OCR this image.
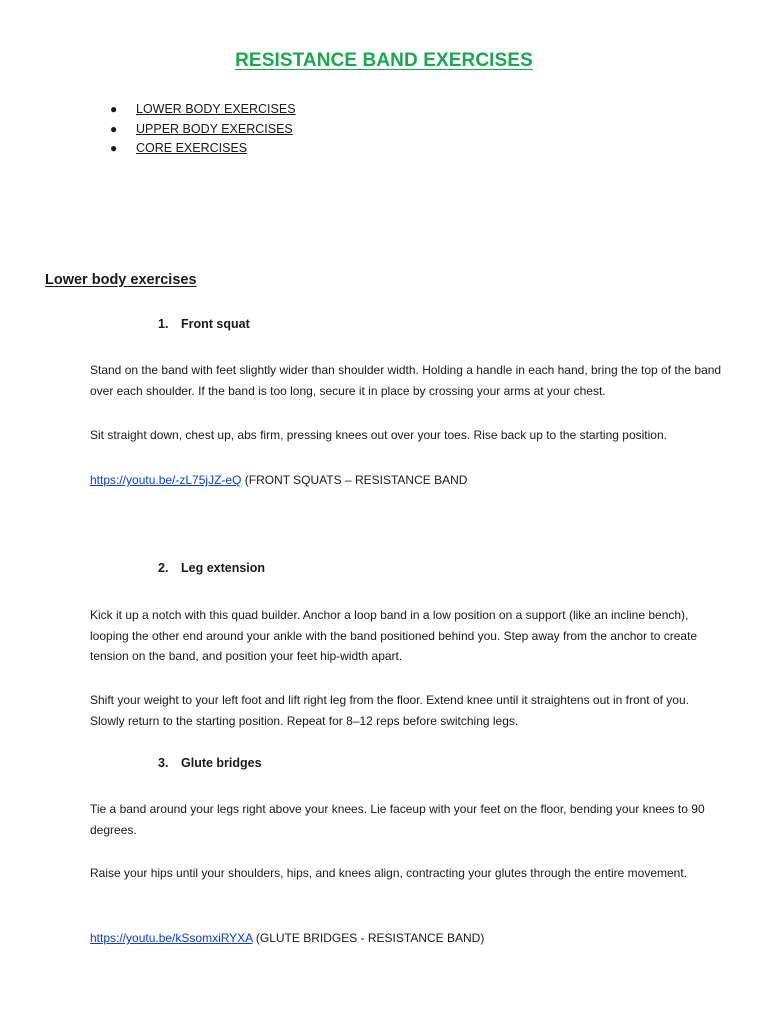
RESISTANCE BAND EXERCISES
● LOWER BODY EXERCISES
● UPPER BODY EXERCISES
● CORE EXERCISES
Lower body exercises
1. Front squat

Stand on the band with feet slightly wider than shoulder width. Holding a handle in each hand, bring the top of the band over each shoulder. If the band is too long, secure it in place by crossing your arms at your chest.

Sit straight down, chest up, abs firm, pressing knees out over your toes. Rise back up to the starting position.

https://youtu.be/-zL75jJZ-eQ (FRONT SQUATS – RESISTANCE BAND

2. Leg extension

Kick it up a notch with this quad builder. Anchor a loop band in a low position on a support (like an incline bench), looping the other end around your ankle with the band positioned behind you. Step away from the anchor to create tension on the band, and position your feet hip-width apart.

Shift your weight to your left foot and lift right leg from the floor. Extend knee until it straightens out in front of you. Slowly return to the starting position. Repeat for 8–12 reps before switching legs.

3. Glute bridges

Tie a band around your legs right above your knees. Lie faceup with your feet on the floor, bending your knees to 90 degrees.

Raise your hips until your shoulders, hips, and knees align, contracting your glutes through the entire movement.

https://youtu.be/kSsomxiRYXA (GLUTE BRIDGES - RESISTANCE BAND)
